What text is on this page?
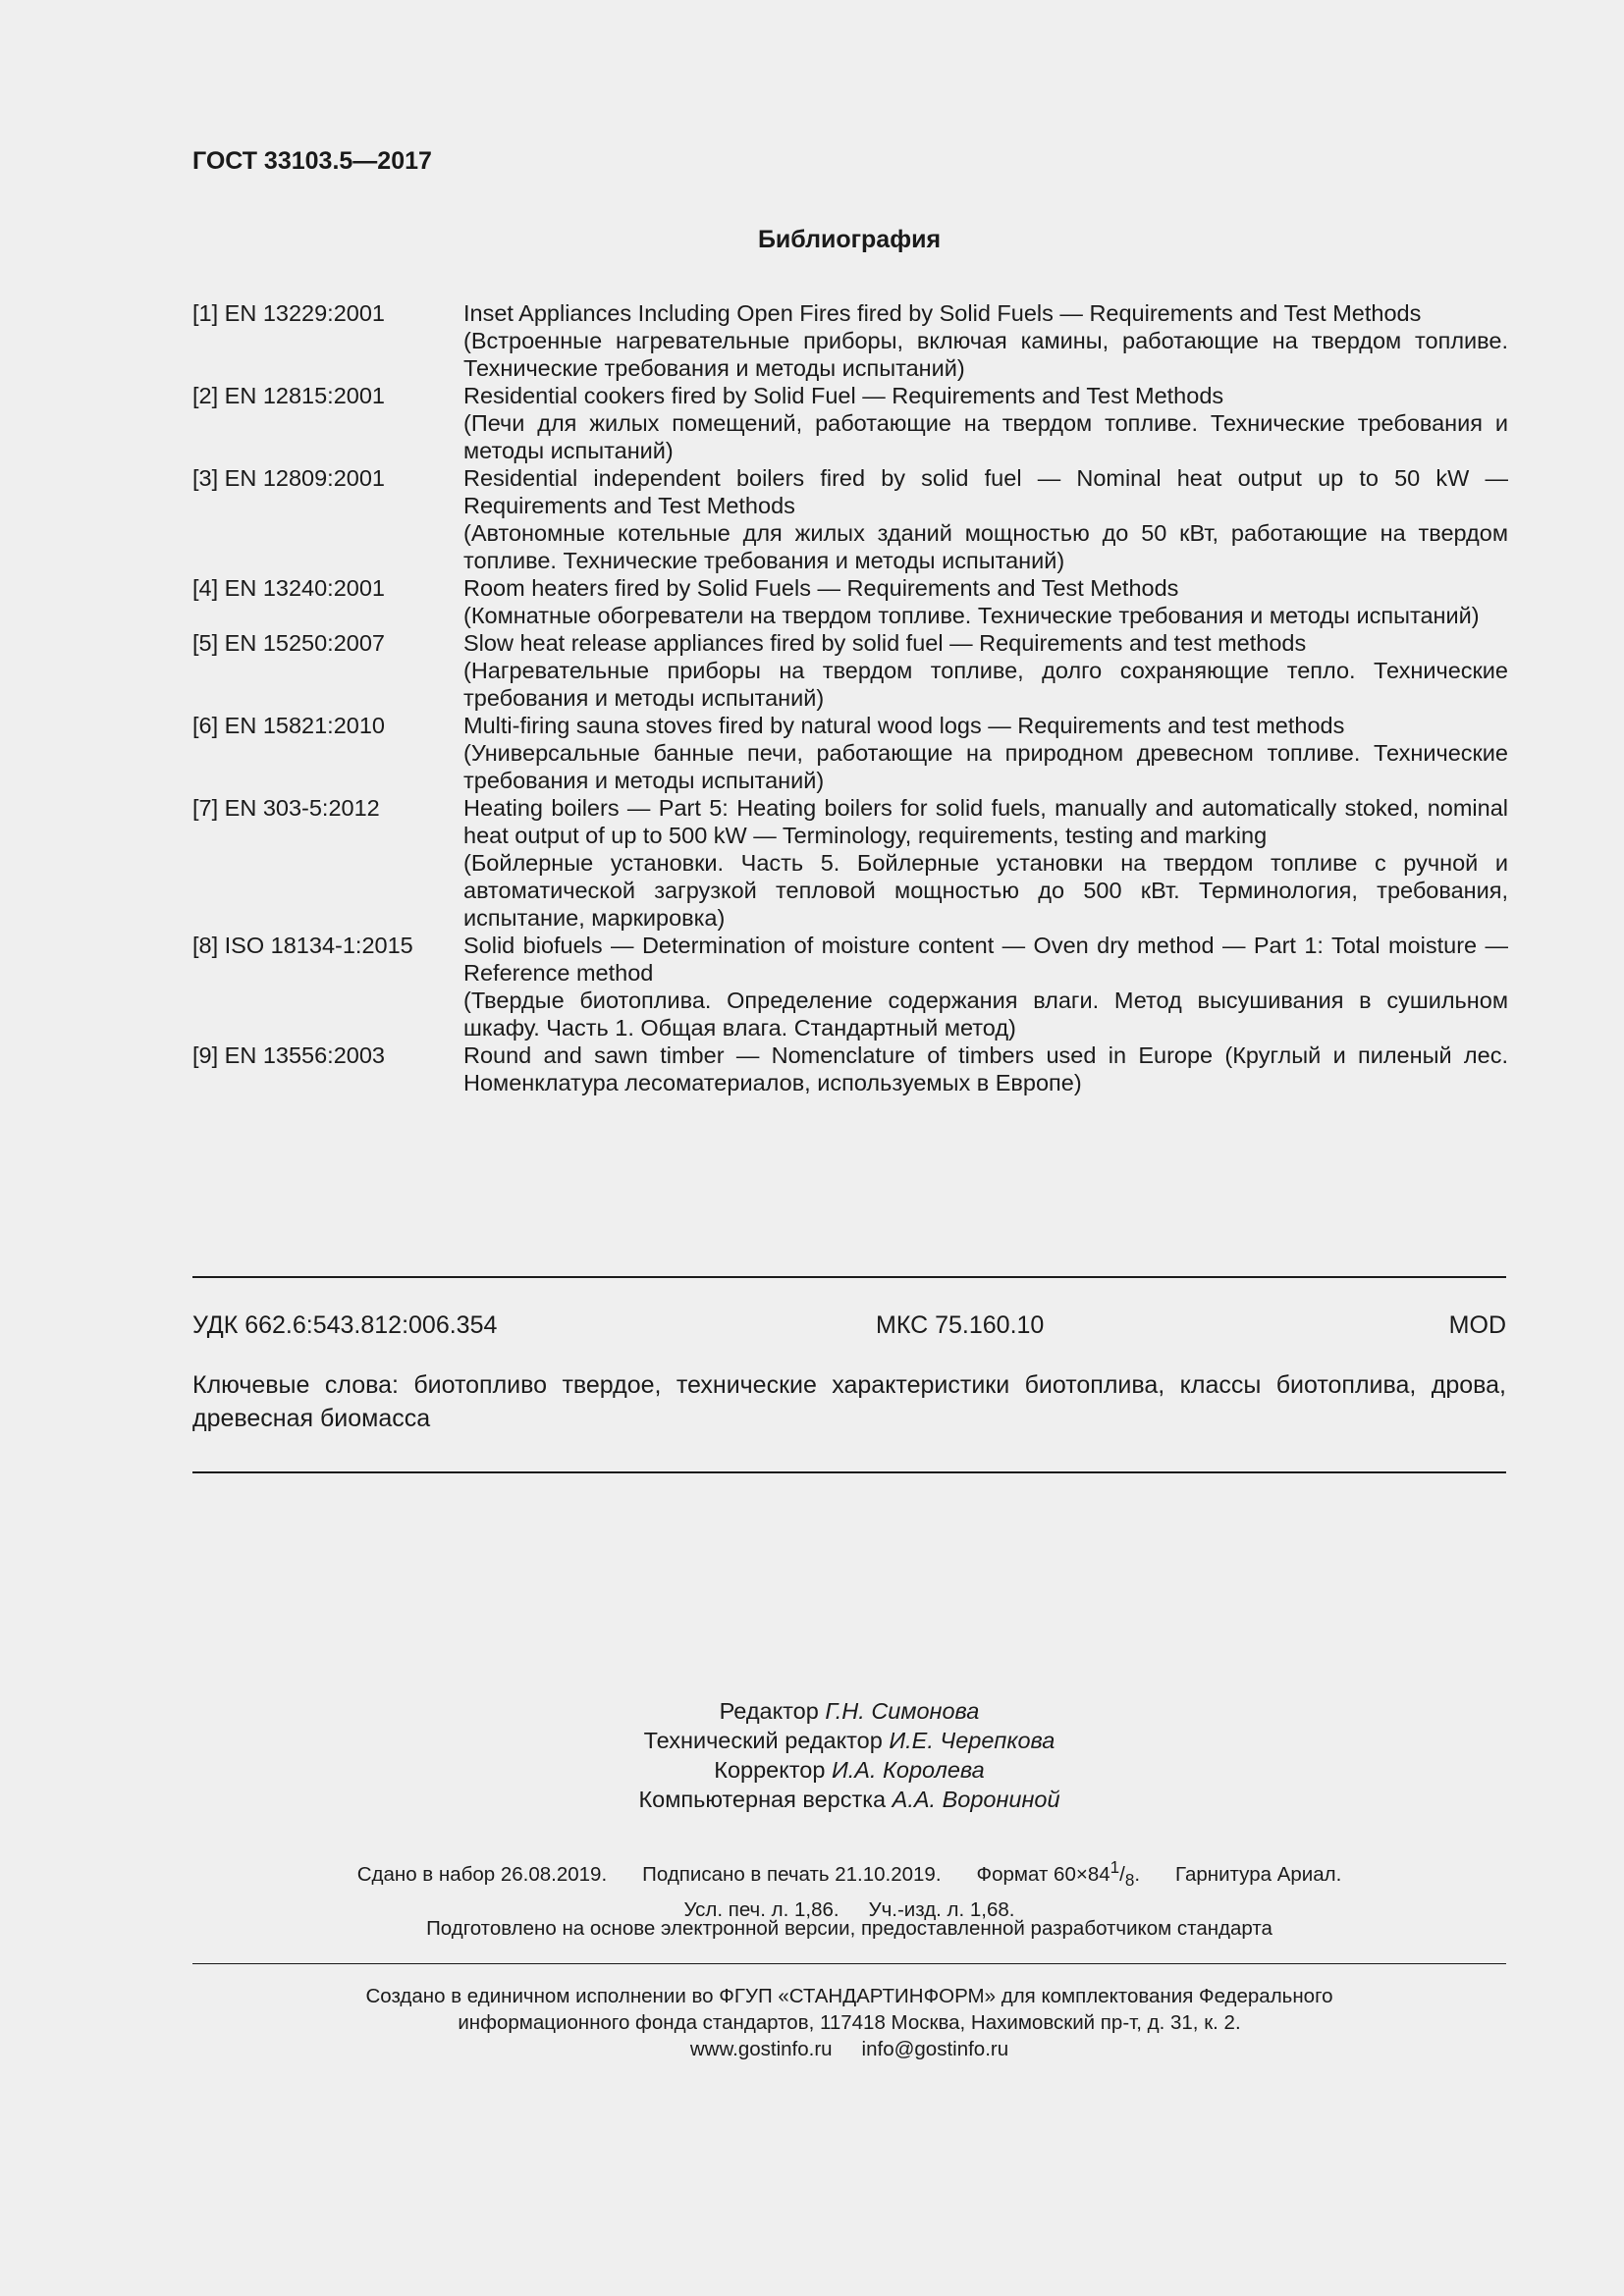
ГОСТ 33103.5—2017
Библиография
[1] EN 13229:2001	Inset Appliances Including Open Fires fired by Solid Fuels — Requirements and Test Methods
(Встроенные нагревательные приборы, включая камины, работающие на твердом топливе. Технические требования и методы испытаний)
[2] EN 12815:2001	Residential cookers fired by Solid Fuel — Requirements and Test Methods
(Печи для жилых помещений, работающие на твердом топливе. Технические требования и методы испытаний)
[3] EN 12809:2001	Residential independent boilers fired by solid fuel — Nominal heat output up to 50 kW — Requirements and Test Methods
(Автономные котельные для жилых зданий мощностью до 50 кВт, работающие на твердом топливе. Технические требования и методы испытаний)
[4] EN 13240:2001	Room heaters fired by Solid Fuels — Requirements and Test Methods
(Комнатные обогреватели на твердом топливе. Технические требования и методы испытаний)
[5] EN 15250:2007	Slow heat release appliances fired by solid fuel — Requirements and test methods
(Нагревательные приборы на твердом топливе, долго сохраняющие тепло. Технические требования и методы испытаний)
[6] EN 15821:2010	Multi-firing sauna stoves fired by natural wood logs — Requirements and test methods
(Универсальные банные печи, работающие на природном древесном топливе. Технические требования и методы испытаний)
[7] EN 303-5:2012	Heating boilers — Part 5: Heating boilers for solid fuels, manually and automatically stoked, nominal heat output of up to 500 kW — Terminology, requirements, testing and marking
(Бойлерные установки. Часть 5. Бойлерные установки на твердом топливе с ручной и автоматической загрузкой тепловой мощностью до 500 кВт. Терминология, требования, испытание, маркировка)
[8] ISO 18134-1:2015	Solid biofuels — Determination of moisture content — Oven dry method — Part 1: Total moisture — Reference method
(Твердые биотоплива. Определение содержания влаги. Метод высушивания в сушильном шкафу. Часть 1. Общая влага. Стандартный метод)
[9] EN 13556:2003	Round and sawn timber — Nomenclature of timbers used in Europe (Круглый и пиленый лес. Номенклатура лесоматериалов, используемых в Европе)
УДК 662.6:543.812:006.354	МКС 75.160.10	MOD
Ключевые слова: биотопливо твердое, технические характеристики биотоплива, классы биотоплива, дрова, древесная биомасса
Редактор Г.Н. Симонова
Технический редактор И.Е. Черепкова
Корректор И.А. Королева
Компьютерная верстка А.А. Ворониной
Сдано в набор 26.08.2019. Подписано в печать 21.10.2019. Формат $60\times 84^1/_8$. Гарнитура Ариал.
Усл. печ. л. 1,86. Уч.-изд. л. 1,68.
Подготовлено на основе электронной версии, предоставленной разработчиком стандарта
Создано в единичном исполнении во ФГУП «СТАНДАРТИНФОРМ» для комплектования Федерального
информационного фонда стандартов, 117418 Москва, Нахимовский пр-т, д. 31, к. 2.
www.gostinfo.ru info@gostinfo.ru
